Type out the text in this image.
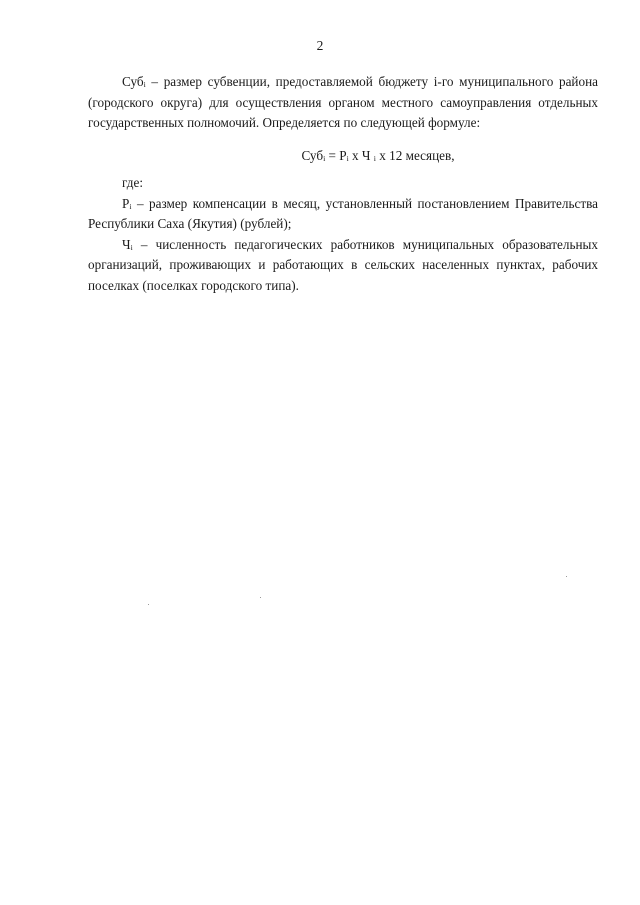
2

Субᵢ – размер субвенции, предоставляемой бюджету i-го муниципального района (городского округа) для осуществления органом местного самоуправления отдельных государственных полномочий. Определяется по следующей формуле:

Субᵢ = Рᵢ х Ч ᵢ х 12 месяцев,

где:

Рᵢ – размер компенсации в месяц, установленный постановлением Правительства Республики Саха (Якутия) (рублей);

Чᵢ – численность педагогических работников муниципальных образовательных организаций, проживающих и работающих в сельских населенных пунктах, рабочих поселках (поселках городского типа).
